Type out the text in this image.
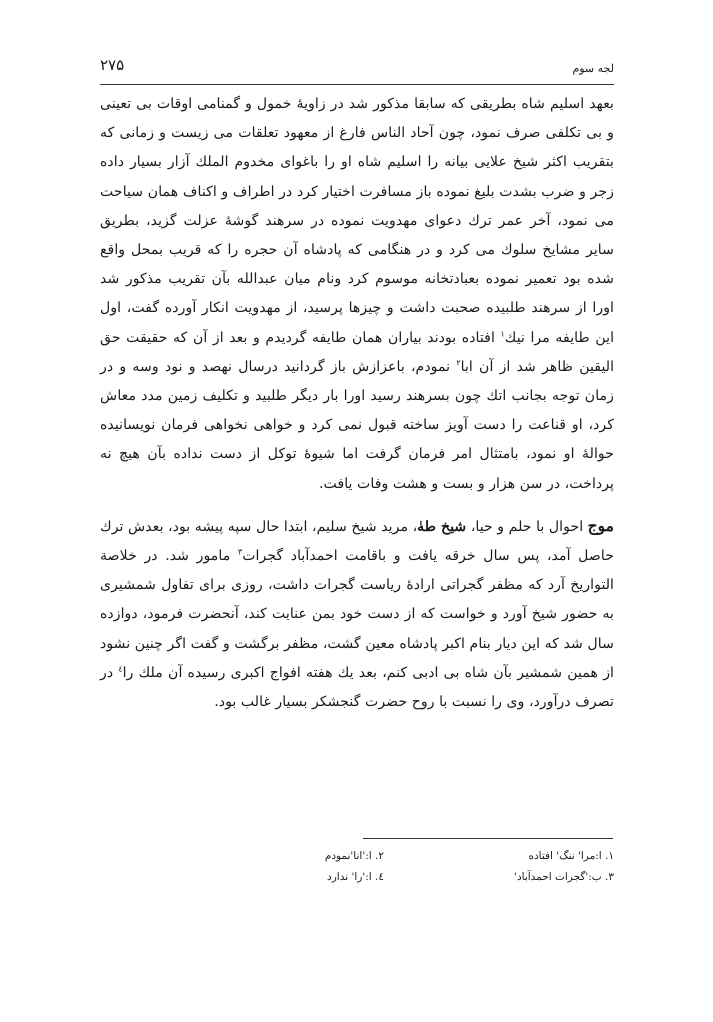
۲۷۵	لجه سوم

بعهد اسلیم شاه بطریقی که سابقا مذکور شد در زاویهٔ خمول و گمنامی اوقات بی تعینی و بی تکلفی صرف نمود، چون آحاد الناس فارغ از معهود تعلقات می زیست و زمانی که بتقریب اکثر شیخ علایی بیانه را اسلیم شاه او را باغوای مخدوم الملك آزار بسیار داده زجر و ضرب بشدت بلیغ نموده باز مسافرت اختیار کرد در اطراف و اکناف همان سیاحت می نمود، آخر عمر ترك دعوای مهدویت نموده در سرهند گوشهٔ عزلت گزید، بطریق سایر مشایخ سلوك می کرد و در هنگامی که پادشاه آن حجره را که قریب بمحل واقع شده بود تعمیر نموده بعبادتخانه موسوم کرد ونام میان عبدالله بآن تقریب مذکور شد اورا از سرهند طلبیده صحبت داشت و چیزها پرسید، از مهدویت انکار آورده گفت، اول این طایفه مرا نیك$^۱$ افتاده بودند بیاران همان طایفه گردیدم و بعد از آن که حقیقت حق الیقین ظاهر شد از آن ابا$^۲$ نمودم، باعزازش باز گردانید درسال نهصد و نود وسه و در زمان توجه بجانب اتك چون بسرهند رسید اورا بار دیگر طلبید و تکلیف زمین مدد معاش کرد، او قناعت را دست آویز ساخته قبول نمی کرد و خواهی نخواهی فرمان نویسانیده حوالهٔ او نمود، بامتثال امر فرمان گرفت اما شیوهٔ توکل از دست نداده بآن هیچ نه پرداخت، در سن هزار و بست و هشت وفات یافت.

موج احوال با حلم و حیا، شیخ طهٰ، مرید شیخ سلیم، ابتدا حال سپه پیشه بود، بعدش ترك حاصل آمد، پس سال خرقه یافت و باقامت احمدآباد گجرات$^۳$ مامور شد. در خلاصة التواریخ آرد که مظفر گجراتی ارادهٔ ریاست گجرات داشت، روزی برای تفاول شمشیری به حضور شیخ آورد و خواست که از دست خود بمن عنایت کند، آنحضرت فرمود، دوازده سال شد که این دیار بنام اکبر پادشاه معین گشت، مظفر برگشت و گفت اگر چنین نشود از همین شمشیر بآن شاه بی ادبی کنم، بعد یك هفته افواج اکبری رسیده آن ملك را$^٤$ در تصرف درآورد، وی را نسبت با روح حضرت گنجشکر بسیار غالب بود.

۱. ا:مرا' ننگ' افتاده
۲. ا:'انا'نمودم
۳. ب:'گجرات احمدآباد'
٤. ا:'را' ندارد
